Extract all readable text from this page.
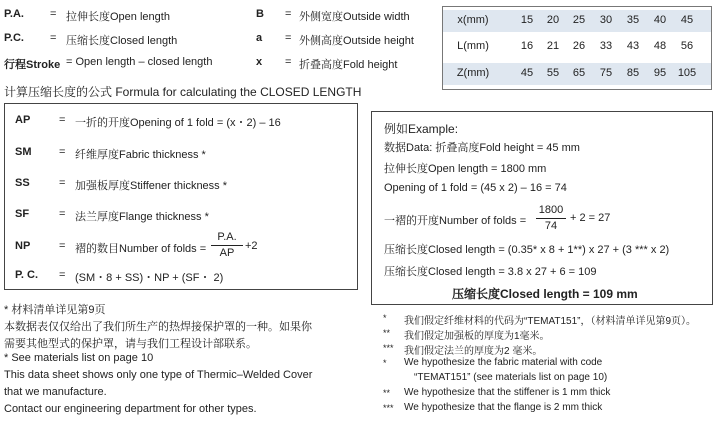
P.A. = 拉伸长度Open length
P.C. = 压缩长度Closed length
行程Stroke = Open length – closed length
B = 外侧宽度Outside width
a = 外侧高度Outside height
x = 折叠高度Fold height
x(mm)	15	20	25	30	35	40	45
L(mm)	16	21	26	33	43	48	56
Z(mm)	45	55	65	75	85	95	105
计算压缩长度的公式 Formula for calculating the CLOSED LENGTH
AP	= 一折的开度Opening of 1 fold = (x・2) – 16
SM	= 纤维厚度Fabric thickness *
SS	= 加强板厚度Stiffener thickness *
SF	= 法兰厚度Flange thickness *
NP	= 褶的数目Number of folds =
P.A.
AP
+2
P. C. = (SM・8 + SS)・NP + (SF・ 2)
* 材料清单详见第9页
本数据表仅仅给出了我们所生产的热焊接保护罩的一种。如果你
需要其他型式的保护罩，请与我们工程设计部联系。
* See materials list on page 10
This data sheet shows only one type of Thermic–Welded Cover
that we manufacture.
Contact our engineering department for other types.
例如Example:
数据Data: 折叠高度Fold height = 45 mm
拉伸长度Open length = 1800 mm
Opening of 1 fold = (45 x 2) – 16 = 74
一褶的开度Number of folds =
1800
74
+ 2 = 27
压缩长度Closed length = (0.35* x 8 + 1**) x 27 + (3 *** x 2)
压缩长度Closed length = 3.8 x 27 + 6 = 109
压缩长度Closed length = 109 mm
* 我们假定纤维材料的代码为“TEMAT151”，（材料清单详见第9页）。
** 我们假定加强板的厚度为1毫米。
*** 我们假定法兰的厚度为2 毫米。
* We hypothesize the fabric material with code
“TEMAT151” (see materials list on page 10)
** We hypothesize that the stiffener is 1 mm thick
*** We hypothesize that the flange is 2 mm thick
